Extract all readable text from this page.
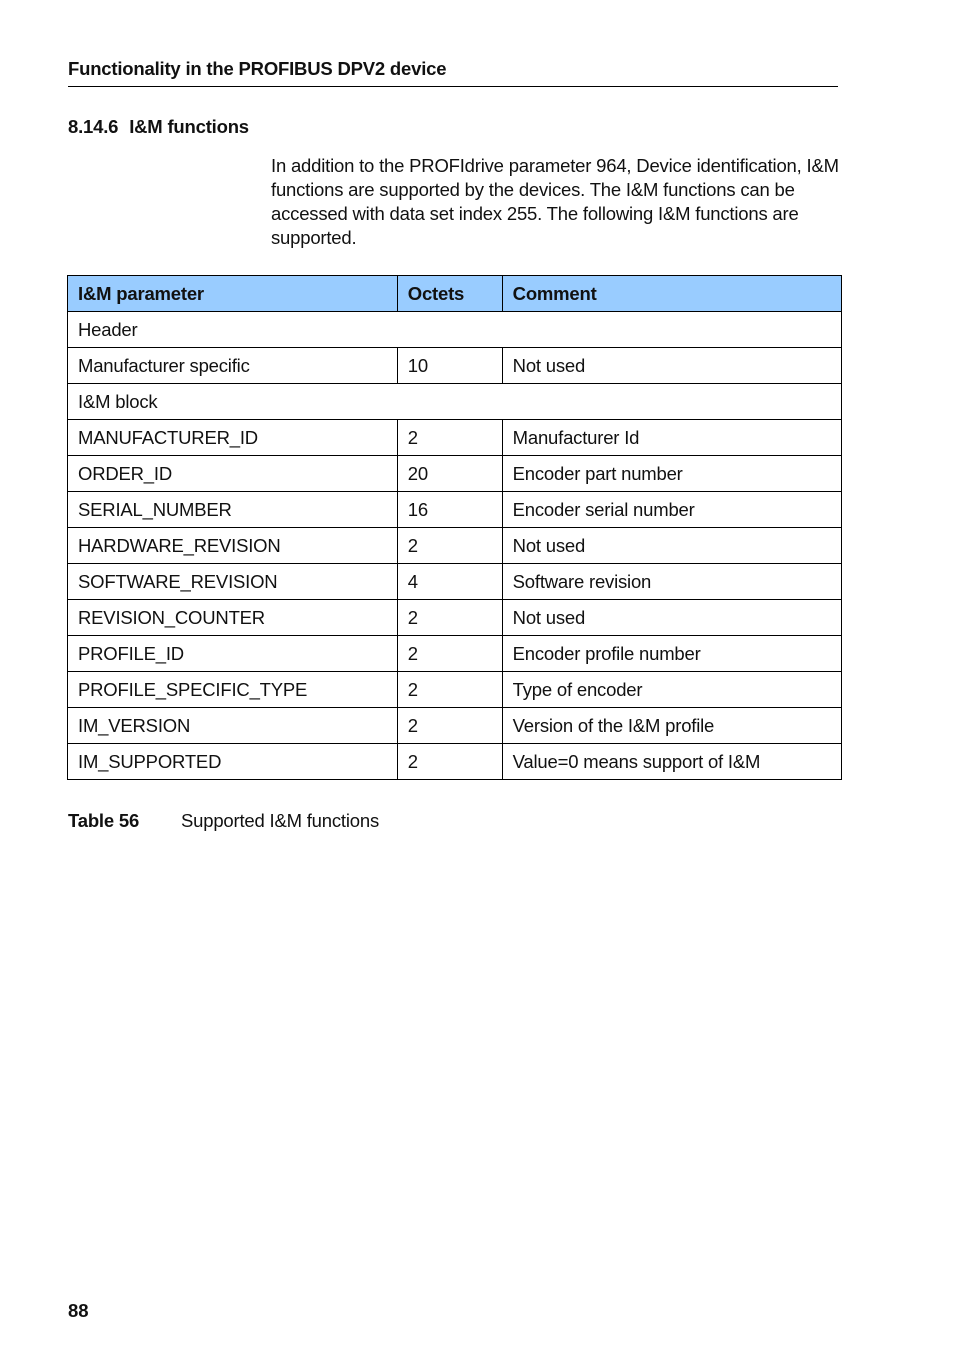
Functionality in the PROFIBUS DPV2 device
8.14.6 I&M functions

In addition to the PROFIdrive parameter 964, Device identification, I&M functions are supported by the devices. The I&M functions can be accessed with data set index 255. The following I&M functions are supported.

I&M parameter	Octets	Comment
Header		
Manufacturer specific	10	Not used
I&M block		
MANUFACTURER_ID	2	Manufacturer Id
ORDER_ID	20	Encoder part number
SERIAL_NUMBER	16	Encoder serial number
HARDWARE_REVISION	2	Not used
SOFTWARE_REVISION	4	Software revision
REVISION_COUNTER	2	Not used
PROFILE_ID	2	Encoder profile number
PROFILE_SPECIFIC_TYPE	2	Type of encoder
IM_VERSION	2	Version of the I&M profile
IM_SUPPORTED	2	Value=0 means support of I&M
Table 56 Supported I&M functions
88
